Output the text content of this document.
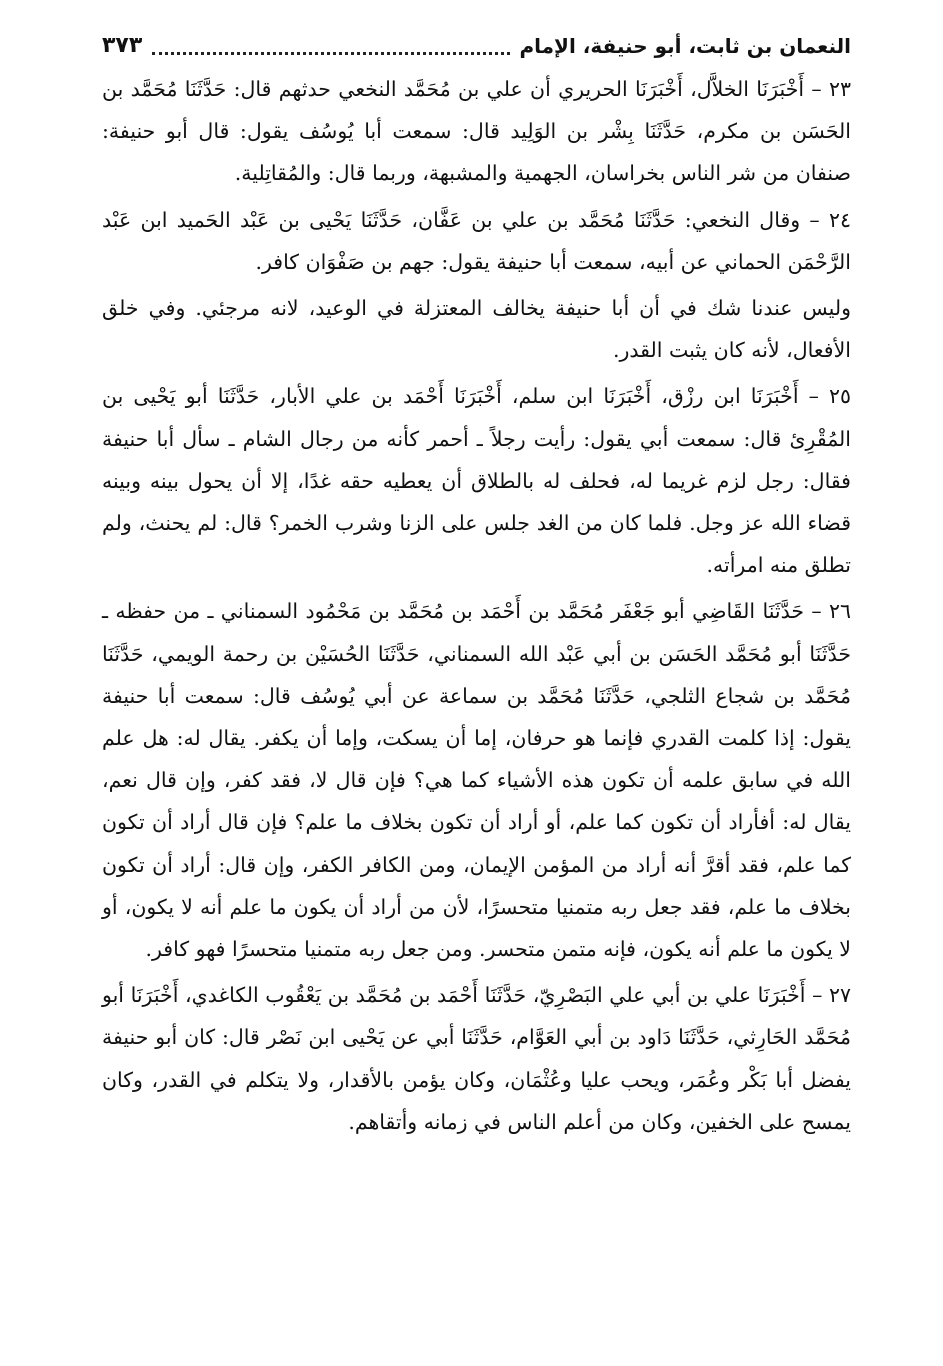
النعمان بن ثابت، أبو حنيفة، الإمام
٣٧٣

٢٣ – أَخْبَرَنَا الخلاَّل، أَخْبَرَنَا الحريري أن علي بن مُحَمَّد النخعي حدثهم قال: حَدَّثَنَا مُحَمَّد بن الحَسَن بن مكرم، حَدَّثَنَا بِشْر بن الوَلِيد قال: سمعت أبا يُوسُف يقول: قال أبو حنيفة: صنفان من شر الناس بخراسان، الجهمية والمشبهة، وربما قال: والمُقاتِلية.

٢٤ – وقال النخعي: حَدَّثَنَا مُحَمَّد بن علي بن عَفَّان، حَدَّثَنَا يَحْيى بن عَبْد الحَميد ابن عَبْد الرَّحْمَن الحماني عن أبيه، سمعت أبا حنيفة يقول: جهم بن صَفْوَان كافر.

وليس عندنا شك في أن أبا حنيفة يخالف المعتزلة في الوعيد، لانه مرجئي. وفي خلق الأفعال، لأنه كان يثبت القدر.

٢٥ – أَخْبَرَنَا ابن رزْق، أَخْبَرَنَا ابن سلم، أَخْبَرَنَا أَحْمَد بن علي الأبار، حَدَّثَنَا أبو يَحْيى بن المُقْرِئ قال: سمعت أبي يقول: رأيت رجلاً ـ أحمر كأنه من رجال الشام ـ سأل أبا حنيفة فقال: رجل لزم غريما له، فحلف له بالطلاق أن يعطيه حقه غدًا، إلا أن يحول بينه وبينه قضاء الله عز وجل. فلما كان من الغد جلس على الزنا وشرب الخمر؟ قال: لم يحنث، ولم تطلق منه امرأته.

٢٦ – حَدَّثَنَا القَاضِي أبو جَعْفَر مُحَمَّد بن أَحْمَد بن مُحَمَّد بن مَحْمُود السمناني ـ من حفظه ـ حَدَّثَنَا أبو مُحَمَّد الحَسَن بن أبي عَبْد الله السمناني، حَدَّثَنَا الحُسَيْن بن رحمة الويمي، حَدَّثَنَا مُحَمَّد بن شجاع الثلجي، حَدَّثَنَا مُحَمَّد بن سماعة عن أبي يُوسُف قال: سمعت أبا حنيفة يقول: إذا كلمت القدري فإنما هو حرفان، إما أن يسكت، وإما أن يكفر. يقال له: هل علم الله في سابق علمه أن تكون هذه الأشياء كما هي؟ فإن قال لا، فقد كفر، وإن قال نعم، يقال له: أفأراد أن تكون كما علم، أو أراد أن تكون بخلاف ما علم؟ فإن قال أراد أن تكون كما علم، فقد أقرَّ أنه أراد من المؤمن الإيمان، ومن الكافر الكفر، وإن قال: أراد أن تكون بخلاف ما علم، فقد جعل ربه متمنيا متحسرًا، لأن من أراد أن يكون ما علم أنه لا يكون، أو لا يكون ما علم أنه يكون، فإنه متمن متحسر. ومن جعل ربه متمنيا متحسرًا فهو كافر.

٢٧ – أَخْبَرَنَا علي بن أبي علي البَصْرِيّ، حَدَّثَنَا أَحْمَد بن مُحَمَّد بن يَعْقُوب الكاغدي، أَخْبَرَنَا أبو مُحَمَّد الحَارِثي، حَدَّثَنَا دَاود بن أبي العَوَّام، حَدَّثَنَا أبي عن يَحْيى ابن نَصْر قال: كان أبو حنيفة يفضل أبا بَكْر وعُمَر، ويحب عليا وعُثْمَان، وكان يؤمن بالأقدار، ولا يتكلم في القدر، وكان يمسح على الخفين، وكان من أعلم الناس في زمانه وأتقاهم.
